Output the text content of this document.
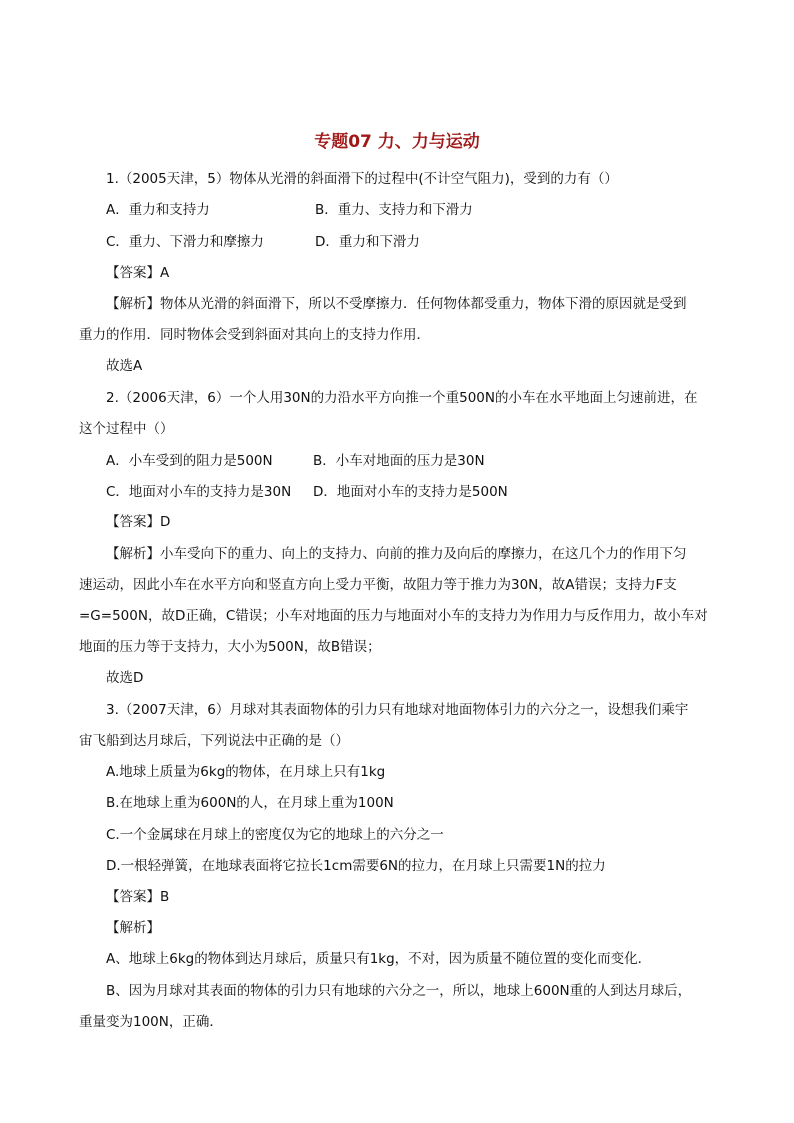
专题07 力、力与运动
1.（2005天津，5）物体从光滑的斜面滑下的过程中(不计空气阻力)，受到的力有（）
A．重力和支持力	B．重力、支持力和下滑力
C．重力、下滑力和摩擦力	D．重力和下滑力
【答案】A
【解析】物体从光滑的斜面滑下，所以不受摩擦力．任何物体都受重力，物体下滑的原因就是受到
重力的作用．同时物体会受到斜面对其向上的支持力作用．
故选A
2.（2006天津，6）一个人用30N的力沿水平方向推一个重500N的小车在水平地面上匀速前进，在
这个过程中（）
A．小车受到的阻力是500N	B．小车对地面的压力是30N
C．地面对小车的支持力是30N D．地面对小车的支持力是500N
【答案】D
【解析】小车受向下的重力、向上的支持力、向前的推力及向后的摩擦力，在这几个力的作用下匀
速运动，因此小车在水平方向和竖直方向上受力平衡，故阻力等于推力为30N，故A错误；支持力F支
=G=500N，故D正确，C错误；小车对地面的压力与地面对小车的支持力为作用力与反作用力，故小车对
地面的压力等于支持力，大小为500N，故B错误；
故选D
3.（2007天津，6）月球对其表面物体的引力只有地球对地面物体引力的六分之一，设想我们乘宇
宙飞船到达月球后，下列说法中正确的是（）
A.地球上质量为6kg的物体，在月球上只有1kg
B.在地球上重为600N的人，在月球上重为100N
C.一个金属球在月球上的密度仅为它的地球上的六分之一
D.一根轻弹簧，在地球表面将它拉长1cm需要6N的拉力，在月球上只需要1N的拉力
【答案】B
【解析】
A、地球上6kg的物体到达月球后，质量只有1kg，不对，因为质量不随位置的变化而变化．
B、因为月球对其表面的物体的引力只有地球的六分之一，所以，地球上600N重的人到达月球后，
重量变为100N，正确．
